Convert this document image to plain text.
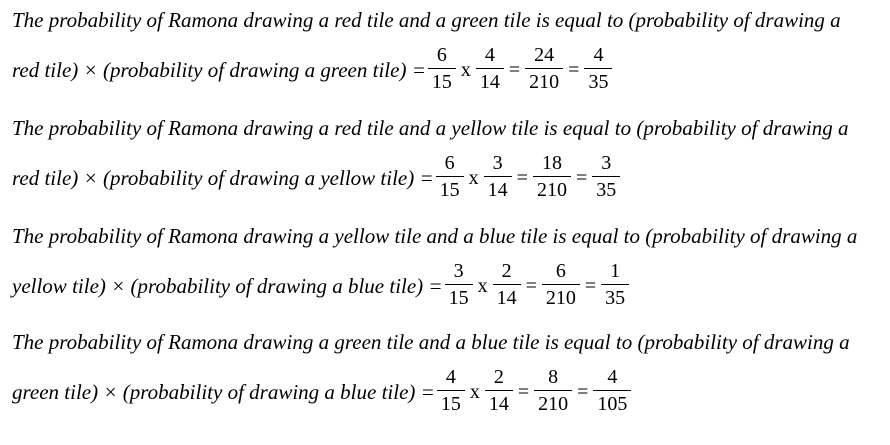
The probability of Ramona drawing a red tile and a green tile is equal to (probability of drawing a
red tile) × (probability of drawing a green tile) = $\frac{6}{15}$ x $\frac{4}{14} = \frac{24}{210} = \frac{4}{35}$
The probability of Ramona drawing a red tile and a yellow tile is equal to (probability of drawing a
red tile) × (probability of drawing a yellow tile) = $\frac{6}{15}$ x $\frac{3}{14} = \frac{18}{210} = \frac{3}{35}$
The probability of Ramona drawing a yellow tile and a blue tile is equal to (probability of drawing a
yellow tile) × (probability of drawing a blue tile) = $\frac{3}{15}$ x $\frac{2}{14} = \frac{6}{210} = \frac{1}{35}$
The probability of Ramona drawing a green tile and a blue tile is equal to (probability of drawing a
green tile) × (probability of drawing a blue tile) = $\frac{4}{15}$ x $\frac{2}{14} = \frac{8}{210} = \frac{4}{105}$
